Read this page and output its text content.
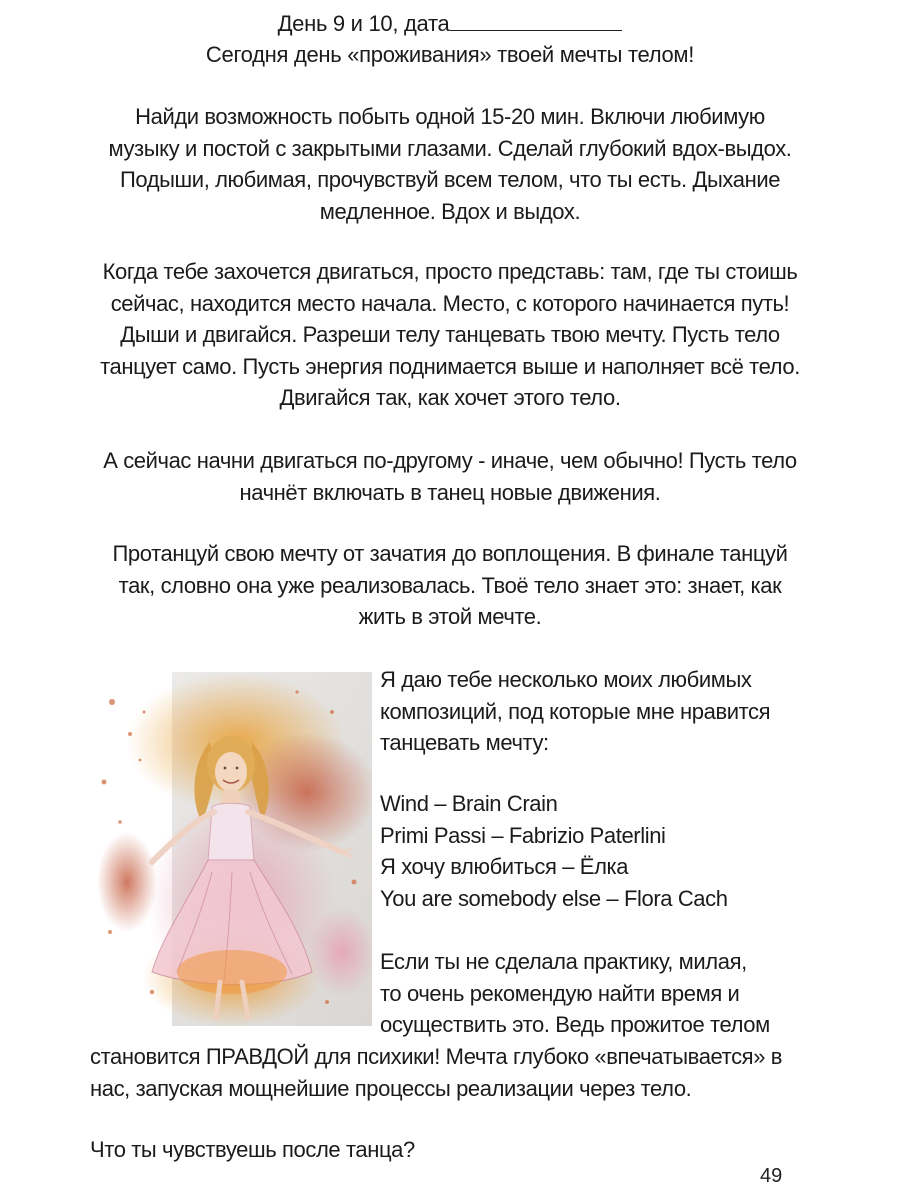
День 9 и 10, дата
Сегодня день «проживания» твоей мечты телом!
Найди возможность побыть одной 15-20 мин. Включи любимую
музыку и постой с закрытыми глазами. Сделай глубокий вдох-выдох.
Подыши, любимая, прочувствуй всем телом, что ты есть. Дыхание
медленное. Вдох и выдох.
Когда тебе захочется двигаться, просто представь: там, где ты стоишь
сейчас, находится место начала. Место, с которого начинается путь!
Дыши и двигайся. Разреши телу танцевать твою мечту. Пусть тело
танцует само. Пусть энергия поднимается выше и наполняет всё тело.
Двигайся так, как хочет этого тело.
А сейчас начни двигаться по-другому - иначе, чем обычно! Пусть тело
начнёт включать в танец новые движения.
Протанцуй свою мечту от зачатия до воплощения. В финале танцуй
так, словно она уже реализовалась. Твоё тело знает это: знает, как
жить в этой мечте.
Я даю тебе несколько моих любимых
композиций, под которые мне нравится
танцевать мечту:
Wind – Brain Crain
Primi Passi – Fabrizio Paterlini
Я хочу влюбиться – Ёлка
You are somebody else – Flora Cach
Если ты не сделала практику, милая,
то очень рекомендую найти время и
осуществить это. Ведь прожитое телом
становится ПРАВДОЙ для психики! Мечта глубоко «впечатывается» в
нас, запуская мощнейшие процессы реализации через тело.
Что ты чувствуешь после танца?
49
